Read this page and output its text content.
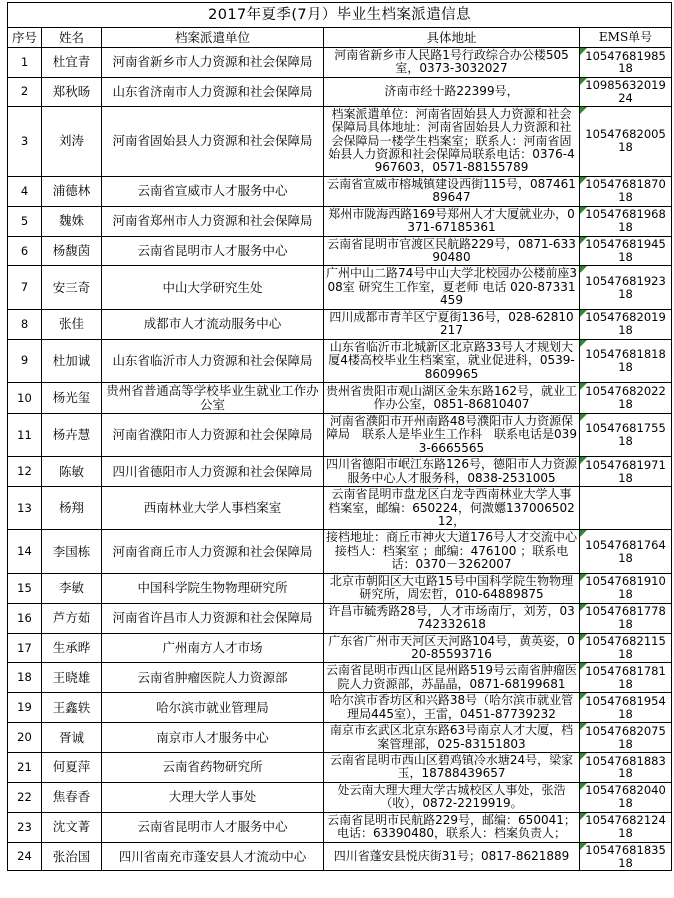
2017年夏季(7月）毕业生档案派遣信息				
序号	姓名	档案派遣单位	具体地址	EMS单号
1	杜宜青	河南省新乡市人力资源和社会保障局	河南省新乡市人民路1号行政综合办公楼505室，0373-3032027	1054768198518
2	郑秋旸	山东省济南市人力资源和社会保障局	济南市经十路22399号，	1098563201924
3	刘涛	河南省固始县人力资源和社会保障局	档案派遣单位：河南省固始县人力资源和社会保障局具体地址：河南省固始县人力资源和社会保障局一楼学生档案室；联系人：河南省固始县人力资源和社会保障局联系电话：0376-4967603，0571-88155789	1054768200518
4	浦德林	云南省宣威市人才服务中心	云南省宣威市榕城镇建设西街115号，08746189647	1054768187018
5	魏姝	河南省郑州市人力资源和社会保障局	郑州市陇海西路169号郑州人才大厦就业办，0371-67185361	1054768196818
6	杨馥茵	云南省昆明市人才服务中心	云南省昆明市官渡区民航路229号，0871-63390480	1054768194518
7	安三奇	中山大学研究生处	广州中山二路74号中山大学北校园办公楼前座308室 研究生工作室，夏老师 电话 020-87331459	1054768192318
8	张佳	成都市人才流动服务中心	四川成都市青羊区宁夏街136号，028-62810217	1054768201918
9	杜加诚	山东省临沂市人力资源和社会保障局	山东省临沂市北城新区北京路33号人才规划大厦4楼高校毕业生档案室，就业促进科，0539-8609965	1054768181818
10	杨光玺	贵州省普通高等学校毕业生就业工作办公室	贵州省贵阳市观山湖区金朱东路162号，就业工作办公室，0851-86810407	1054768202218
11	杨卉慧	河南省濮阳市人力资源和社会保障局	河南省濮阳市开州南路48号濮阳市人力资源保障局　联系人是毕业生工作科　联系电话是0393-6665565	1054768175518
12	陈敏	四川省德阳市人力资源和社会保障局	四川省德阳市岷江东路126号，德阳市人力资源服务中心人才服务科，0838-2531005	1054768197118
13	杨翔	西南林业大学人事档案室	云南省昆明市盘龙区白龙寺西南林业大学人事档案室，邮编：650224，何溦嬺13700650212，	
14	李国栋	河南省商丘市人力资源和社会保障局	接档地址：商丘市神火大道176号人才交流中心接档人：档案室 ；邮编：476100 ；联系电话：0370－3262007	1054768176418
15	李敏	中国科学院生物物理研究所	北京市朝阳区大屯路15号中国科学院生物物理研究所，周宏哲，010-64889875	1054768191018
16	芦方茹	河南省许昌市人力资源和社会保障局	许昌市毓秀路28号，人才市场南厅，刘芳，03742332618	1054768177818
17	生承晔	广州南方人才市场	广东省广州市天河区天河路104号，黄英姿，020-85593716	1054768211518
18	王晓雄	云南省肿瘤医院人力资源部	云南省昆明市西山区昆州路519号云南省肿瘤医院人力资源部，苏晶晶，0871-68199681	1054768178118
19	王鑫轶	哈尔滨市就业管理局	哈尔滨市香坊区和兴路38号（哈尔滨市就业管理局445室），王雷，0451-87739232	1054768195418
20	胥诚	南京市人才服务中心	南京市玄武区北京东路63号南京人才大厦，档案管理部，025-83151803	1054768207518
21	何夏萍	云南省药物研究所	云南省昆明市西山区碧鸡镇冷水塘24号，梁家玉，18788439657	1054768188318
22	焦春香	大理大学人事处	处云南大理大理大学古城校区人事处，张浩（收），0872-2219919。	1054768204018
23	沈文菁	云南省昆明市人才服务中心	云南省昆明市民航路229号，邮编：650041；电话：63390480，联系人：档案负责人；	1054768212418
24	张治国	四川省南充市蓬安县人才流动中心	四川省蓬安县悦庆街31号；0817-8621889	1054768183518
